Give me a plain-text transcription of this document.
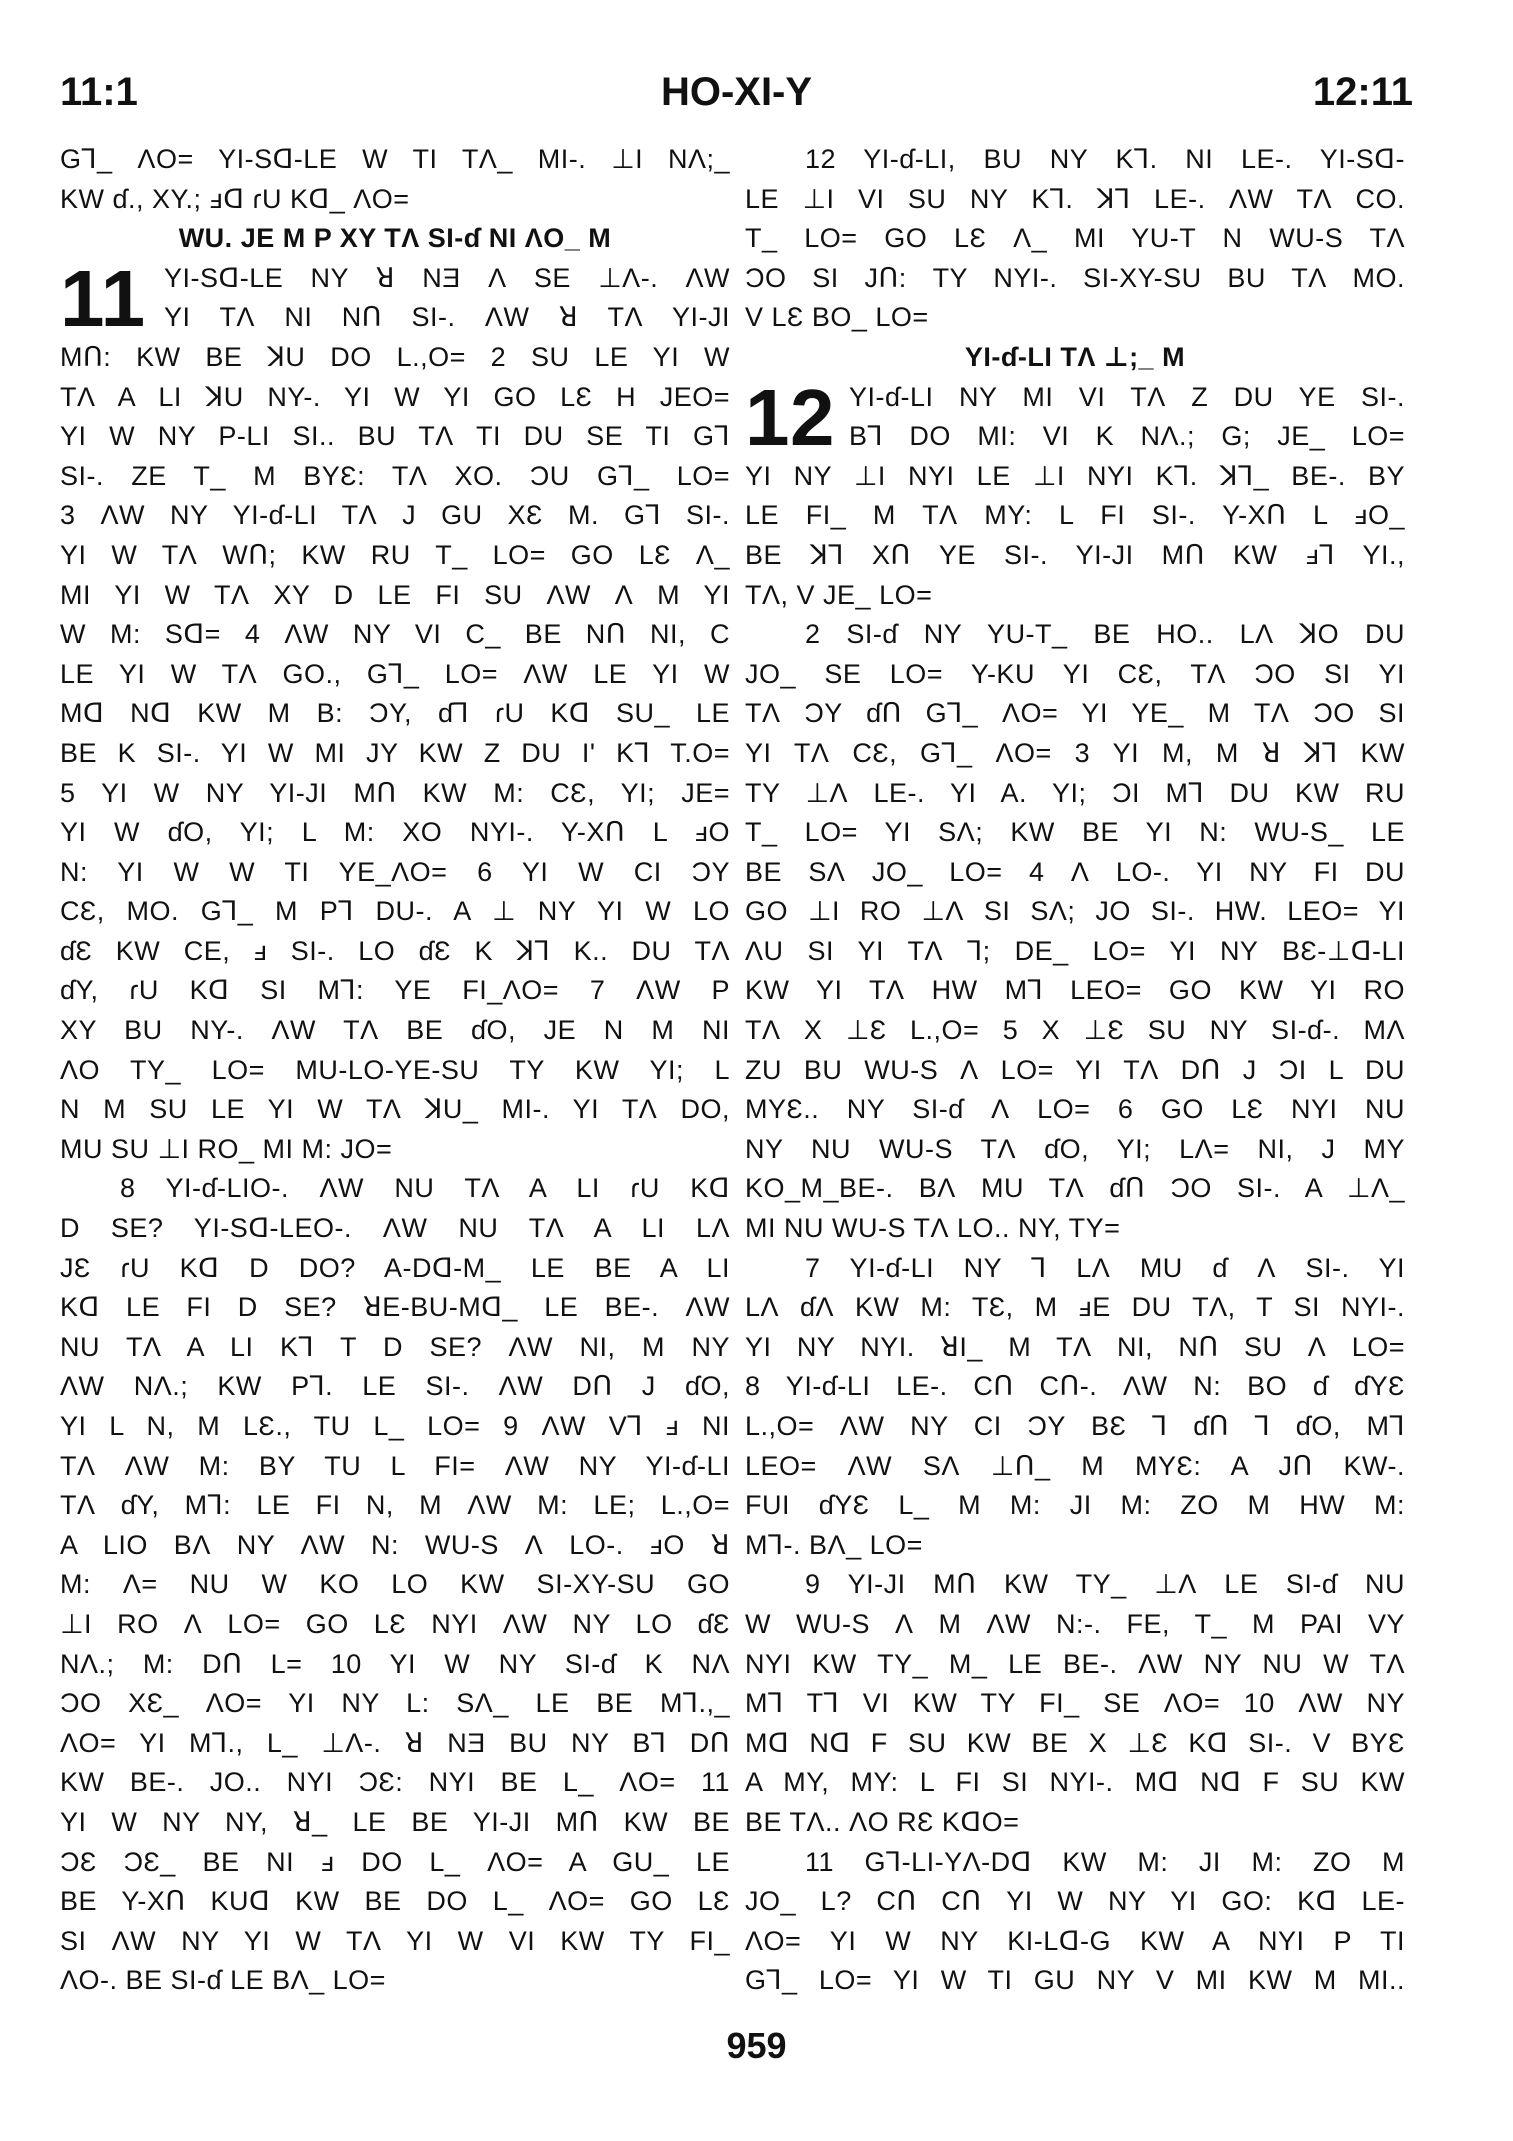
11:1	HO-XI-Y	12:11
G⅂_ ɅO= YI-Sᗡ-LE W TI TɅ_ MI-. ⊥I NɅ;_
KW ɗ., XY.; ⅎᗡ ɾU Kᗡ_ ɅO=
WU. JE M P XY TɅ SI-ɗ NI ɅO_ M
11 YI-Sᗡ-LE NY ꓤ NƎ Ʌ SE ⊥Ʌ-. ɅW
YI TɅ NI NՈ SI-. ɅW ꓤ TɅ YI-JI
MՈ: KW BE ꓘU DO L.,O= 2 SU LE YI W
TɅ A LI ꓘU NY-. YI W YI GO LƐ H JEO=
YI W NY P-LI SI.. BU TɅ TI DU SE TI G⅂
SI-. ZE T_ M BYƐ: TɅ XO. ƆU G⅂_ LO=
3 ɅW NY YI-ɗ-LI TɅ J GU XƐ M. G⅂ SI-.
YI W TɅ WՈ; KW RU T_ LO= GO LƐ Ʌ_
MI YI W TɅ XY D LE FI SU ɅW Ʌ M YI
W M: Sᗡ= 4 ɅW NY VI C_ BE NՈ NI, C
LE YI W TɅ GO., G⅂_ LO= ɅW LE YI W
Mᗡ Nᗡ KW M B: ƆY, ɗ⅂ ɾU Kᗡ SU_ LE
BE K SI-. YI W MI JY KW Z DU I' K⅂ T.O=
5 YI W NY YI-JI MՈ KW M: CƐ, YI; JE=
YI W ɗO, YI; L M: XO NYI-. Y-XՈ L ⅎO
N: YI W W TI YE_ɅO= 6 YI W CI ƆY
CƐ, MO. G⅂_ M P⅂ DU-. A ⊥ NY YI W LO
ɗƐ KW CE, ⅎ SI-. LO ɗƐ K ꓘ⅂ K.. DU TɅ
ɗY, ɾU Kᗡ SI M⅂: YE FI_ɅO= 7 ɅW P
XY BU NY-. ɅW TɅ BE ɗO, JE N M NI
ɅO TY_ LO= MU-LO-YE-SU TY KW YI; L
N M SU LE YI W TɅ ꓘU_ MI-. YI TɅ DO,
MU SU ⊥I RO_ MI M: JO=
8 YI-ɗ-LIO-. ɅW NU TɅ A LI ɾU Kᗡ
D SE? YI-Sᗡ-LEO-. ɅW NU TɅ A LI LɅ
JƐ ɾU Kᗡ D DO? A-Dᗡ-M_ LE BE A LI
Kᗡ LE FI D SE? ꓤE-BU-Mᗡ_ LE BE-. ɅW
NU TɅ A LI K⅂ T D SE? ɅW NI, M NY
ɅW NɅ.; KW P⅂. LE SI-. ɅW DՈ J ɗO,
YI L N, M LƐ., TU L_ LO= 9 ɅW V⅂ ⅎ NI
TɅ ɅW M: BY TU L FI= ɅW NY YI-ɗ-LI
TɅ ɗY, M⅂: LE FI N, M ɅW M: LE; L.,O=
A LIO BɅ NY ɅW N: WU-S Ʌ LO-. ⅎO ꓤ
M: Ʌ= NU W KO LO KW SI-XY-SU GO
⊥I RO Ʌ LO= GO LƐ NYI ɅW NY LO ɗƐ
NɅ.; M: DՈ L= 10 YI W NY SI-ɗ K NɅ
ƆO XƐ_ ɅO= YI NY L: SɅ_ LE BE M⅂.,_
ɅO= YI M⅂., L_ ⊥Ʌ-. ꓤ NƎ BU NY B⅂ DՈ
KW BE-. JO.. NYI ƆƐ: NYI BE L_ ɅO= 11
YI W NY NY, ꓤ_ LE BE YI-JI MՈ KW BE
ƆƐ ƆƐ_ BE NI ⅎ DO L_ ɅO= A GU_ LE
BE Y-XՈ KUᗡ KW BE DO L_ ɅO= GO LƐ
SI ɅW NY YI W TɅ YI W VI KW TY FI_
ɅO-. BE SI-ɗ LE BɅ_ LO=
12 YI-ɗ-LI, BU NY K⅂. NI LE-. YI-Sᗡ-
LE ⊥I VI SU NY K⅂. ꓘ⅂ LE-. ɅW TɅ CO.
T_ LO= GO LƐ Ʌ_ MI YU-T N WU-S TɅ
ƆO SI JՈ: TY NYI-. SI-XY-SU BU TɅ MO.
V LƐ BO_ LO=
YI-ɗ-LI TɅ ⊥;_ M
12 YI-ɗ-LI NY MI VI TɅ Z DU YE SI-.
B⅂ DO MI: VI K NɅ.; G; JE_ LO=
YI NY ⊥I NYI LE ⊥I NYI K⅂. ꓘ⅂_ BE-. BY
LE FI_ M TɅ MY: L FI SI-. Y-XՈ L ⅎO_
BE ꓘ⅂ XՈ YE SI-. YI-JI MՈ KW ⅎ⅂ YI.,
TɅ, V JE_ LO=
2 SI-ɗ NY YU-T_ BE HO.. LɅ ꓘO DU
JO_ SE LO= Y-KU YI CƐ, TɅ ƆO SI YI
TɅ ƆY ɗՈ G⅂_ ɅO= YI YE_ M TɅ ƆO SI
YI TɅ CƐ, G⅂_ ɅO= 3 YI M, M ꓤ ꓘ⅂ KW
TY ⊥Ʌ LE-. YI A. YI; ƆI M⅂ DU KW RU
T_ LO= YI SɅ; KW BE YI N: WU-S_ LE
BE SɅ JO_ LO= 4 Ʌ LO-. YI NY FI DU
GO ⊥I RO ⊥Ʌ SI SɅ; JO SI-. HW. LEO= YI
ɅU SI YI TɅ ⅂; DE_ LO= YI NY BƐ-⊥ᗡ-LI
KW YI TɅ HW M⅂ LEO= GO KW YI RO
TɅ X ⊥Ɛ L.,O= 5 X ⊥Ɛ SU NY SI-ɗ-. MɅ
ZU BU WU-S Ʌ LO= YI TɅ DՈ J ƆI L DU
MYƐ.. NY SI-ɗ Ʌ LO= 6 GO LƐ NYI NU
NY NU WU-S TɅ ɗO, YI; LɅ= NI, J MY
KO_M_BE-. BɅ MU TɅ ɗՈ ƆO SI-. A ⊥Ʌ_
MI NU WU-S TɅ LO.. NY, TY=
7 YI-ɗ-LI NY ⅂ LɅ MU ɗ Ʌ SI-. YI
LɅ ɗɅ KW M: TƐ, M ⅎE DU TɅ, T SI NYI-.
YI NY NYI. ꓤI_ M TɅ NI, NՈ SU Ʌ LO=
8 YI-ɗ-LI LE-. CՈ CՈ-. ɅW N: BO ɗ ɗYƐ
L.,O= ɅW NY CI ƆY BƐ ⅂ ɗՈ ⅂ ɗO, M⅂
LEO= ɅW SɅ ⊥Ո_ M MYƐ: A JՈ KW-.
FUI ɗYƐ L_ M M: JI M: ZO M HW M:
M⅂-. BɅ_ LO=
9 YI-JI MՈ KW TY_ ⊥Ʌ LE SI-ɗ NU
W WU-S Ʌ M ɅW N:-. FE, T_ M PAI VY
NYI KW TY_ M_ LE BE-. ɅW NY NU W TɅ
M⅂ T⅂ VI KW TY FI_ SE ɅO= 10 ɅW NY
Mᗡ Nᗡ F SU KW BE X ⊥Ɛ Kᗡ SI-. V BYƐ
A MY, MY: L FI SI NYI-. Mᗡ Nᗡ F SU KW
BE TɅ.. ɅO RƐ KᗡO=
11 G⅂-LI-YɅ-Dᗡ KW M: JI M: ZO M
JO_ L? CՈ CՈ YI W NY YI GO: Kᗡ LE-
ɅO= YI W NY KI-Lᗡ-G KW A NYI P TI
G⅂_ LO= YI W TI GU NY V MI KW M MI..
959
